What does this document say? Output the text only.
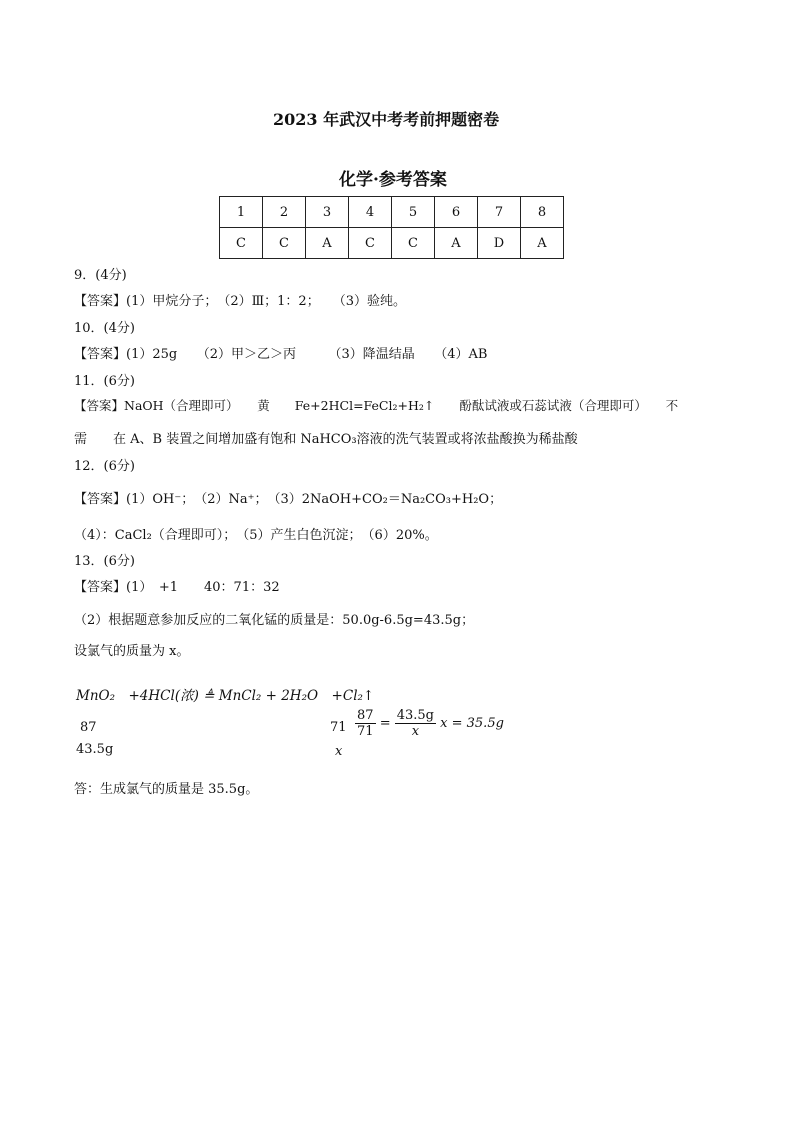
2023 年武汉中考考前押题密卷
化学·参考答案
1	2	3	4	5	6	7	8
C	C	A	C	C	A	D	A
9．(4分)
【答案】(1）甲烷分子；　（2）Ⅲ；1：2；　　（3）验纯。
10．(4分)
【答案】(1）25g　　（2）甲＞乙＞丙　　　（3）降温结晶　　（4）AB
11．(6分)
【答案】NaOH（合理即可）　　黄　　Fe+2HCl=FeCl₂+H₂↑　　酚酞试液或石蕊试液（合理即可）　　不
需　　在 A、B 装置之间增加盛有饱和 NaHCO₃溶液的洗气装置或将浓盐酸换为稀盐酸
12．(6分)
【答案】(1）OH⁻；　（2）Na⁺；　（3）2NaOH+CO₂＝Na₂CO₃+H₂O；
（4）：CaCl₂（合理即可）；　（5）产生白色沉淀；　（6）20%。
13．(6分)
【答案】(1）　+1　　40：71：32
（2）根据题意参加反应的二氧化锰的质量是：50.0g-6.5g=43.5g；
设氯气的质量为 x。
MnO₂　+4HCl(浓) ≜ MnCl₂ + 2H₂O　+Cl₂↑
87
43.5g
71
x
$\frac{87}{71} = \frac{43.5g}{x}$ x = 35.5g
答：生成氯气的质量是 35.5g。
